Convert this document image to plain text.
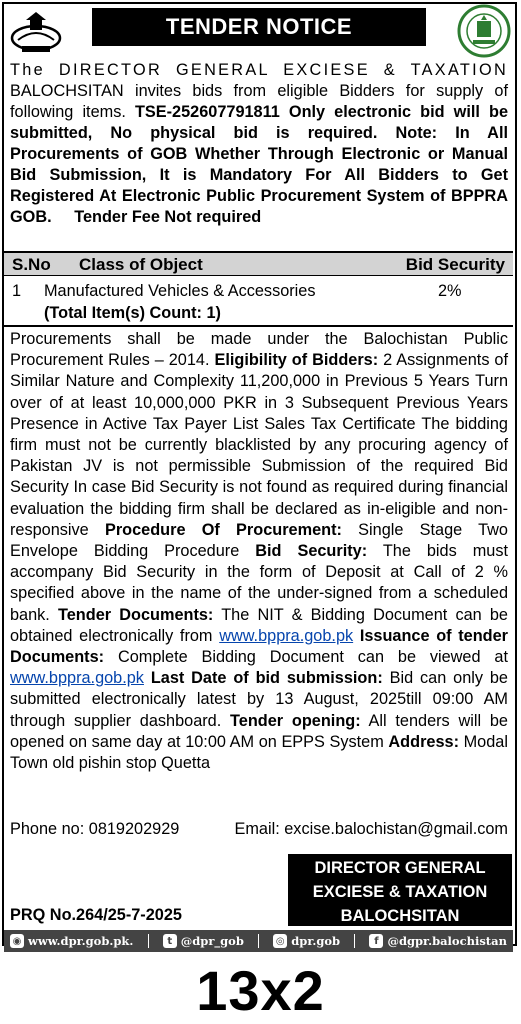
TENDER NOTICE
The DIRECTOR GENERAL EXCIESE & TAXATION BALOCHSITAN invites bids from eligible Bidders for supply of following items. TSE-252607791811 Only electronic bid will be submitted, No physical bid is required. Note: In All Procurements of GOB Whether Through Electronic or Manual Bid Submission, It is Mandatory For All Bidders to Get Registered At Electronic Public Procurement System of BPPRA GOB. Tender Fee Not required
S.No Class of Object	Bid Security
1 Manufactured Vehicles & Accessories	2%
(Total Item(s) Count: 1)
Procurements shall be made under the Balochistan Public Procurement Rules – 2014. Eligibility of Bidders: 2 Assignments of Similar Nature and Complexity 11,200,000 in Previous 5 Years Turn over of at least 10,000,000 PKR in 3 Subsequent Previous Years Presence in Active Tax Payer List Sales Tax Certificate The bidding firm must not be currently blacklisted by any procuring agency of Pakistan JV is not permissible Submission of the required Bid Security In case Bid Security is not found as required during financial evaluation the bidding firm shall be declared as in-eligible and non-responsive Procedure Of Procurement: Single Stage Two Envelope Bidding Procedure Bid Security: The bids must accompany Bid Security in the form of Deposit at Call of 2 % specified above in the name of the under-signed from a scheduled bank. Tender Documents: The NIT & Bidding Document can be obtained electronically from www.bppra.gob.pk Issuance of tender Documents: Complete Bidding Document can be viewed at www.bppra.gob.pk Last Date of bid submission: Bid can only be submitted electronically latest by 13 August, 2025till 09:00 AM through supplier dashboard. Tender opening: All tenders will be opened on same day at 10:00 AM on EPPS System Address: Modal Town old pishin stop Quetta
Phone no: 0819202929	Email: excise.balochistan@gmail.com
DIRECTOR GENERAL
EXCIESE & TAXATION
BALOCHSITAN
PRQ No.264/25-7-2025
◉ www.dpr.gob.pk.	t @dpr_gob	◎ dpr.gob	f @dgpr.balochistan
13x2
